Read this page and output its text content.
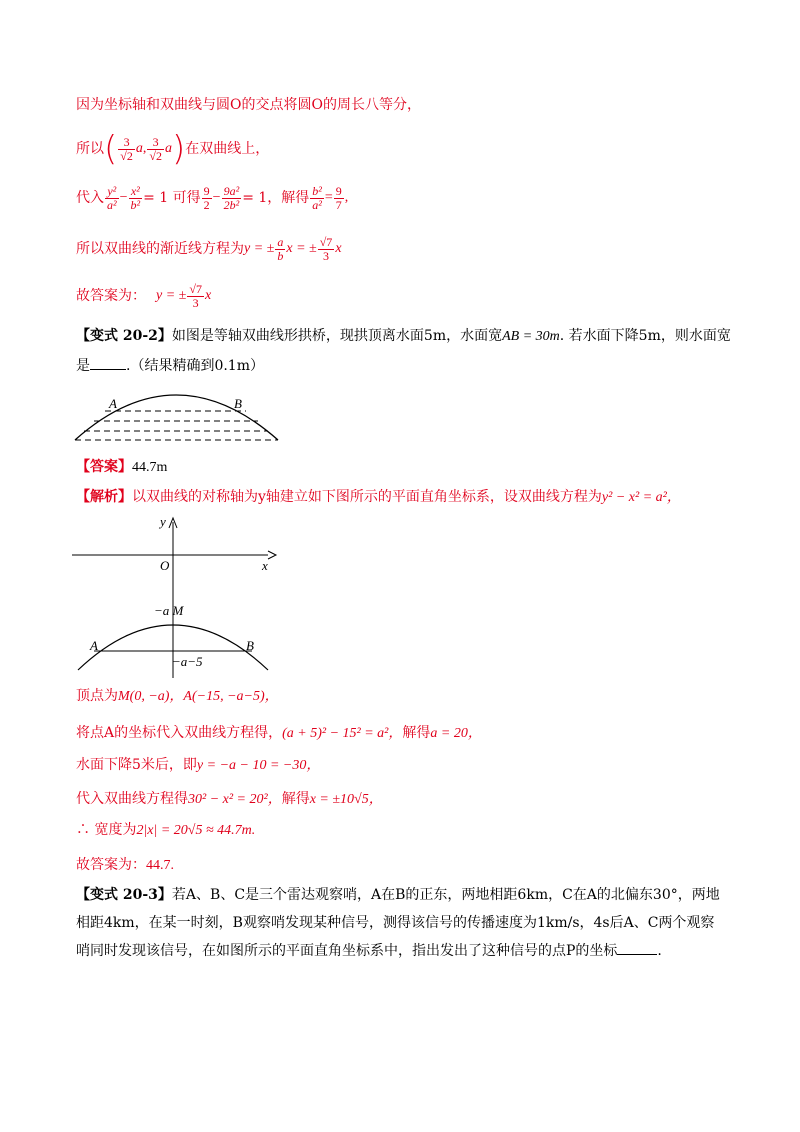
因为坐标轴和双曲线与圆O的交点将圆O的周长八等分，
所以 ( $\frac{3}{√2}$ a , $\frac{3}{√2}$ a ) 在双曲线上，
代入 $\frac{\text{y²}}{\text{a²}} - \frac{\text{x²}}{\text{b²}} = 1$ 可得 $\frac{9}{2} - \frac{\text{9a²}}{\text{2b²}} = 1$，解得 $\frac{\text{b²}}{\text{a²}} = \frac{9}{7}$ ,
所以双曲线的渐近线方程为 y = ± $\frac{a}{b}$ x = ± $\frac{√7}{3}$ x
故答案为： y = ± $\frac{√7}{3}$ x
【变式 20-2】如图是等轴双曲线形拱桥，现拱顶离水面5m，水面宽AB = 30m. 若水面下降5m，则水面宽
是	.（结果精确到0.1m）
A	B
【答案】44.7m
【解析】以双曲线的对称轴为y轴建立如下图所示的平面直角坐标系，设双曲线方程为y² − x² = a²，
y
x
O
−a M
A	B
−a−5
顶点为M(0, −a)，A(−15, −a−5)，
将点A的坐标代入双曲线方程得，(a + 5)² − 15² = a²，解得a = 20，
水面下降5米后，即y = −a − 10 = −30，
代入双曲线方程得30² − x² = 20²，解得x = ±10√5，
∴ 宽度为2|x| = 20√5 ≈ 44.7m.
故答案为：44.7.
【变式 20-3】若A、B、C是三个雷达观察哨，A在B的正东，两地相距6km，C在A的北偏东30°，两地
相距4km，在某一时刻，B观察哨发现某种信号，测得该信号的传播速度为1km/s，4s后A、C两个观察
哨同时发现该信号，在如图所示的平面直角坐标系中，指出发出了这种信号的点P的坐标	.
